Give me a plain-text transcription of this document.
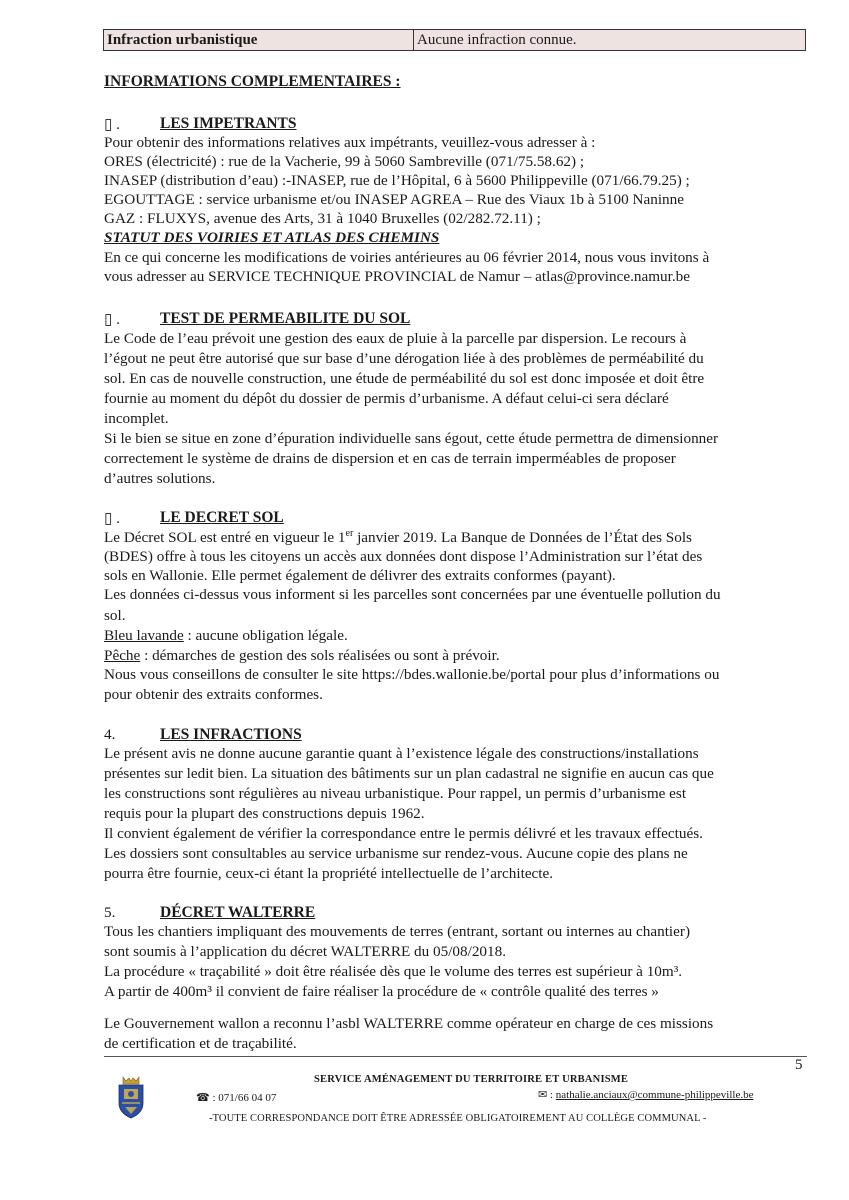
Infraction urbanistique	Aucune infraction connue.
INFORMATIONS COMPLEMENTAIRES :
▯ .	LES IMPETRANTS
Pour obtenir des informations relatives aux impétrants, veuillez-vous adresser à :
ORES (électricité) : rue de la Vacherie, 99 à 5060 Sambreville (071/75.58.62) ;
INASEP (distribution d’eau) :-INASEP, rue de l’Hôpital, 6 à 5600 Philippeville (071/66.79.25) ;
EGOUTTAGE : service urbanisme et/ou INASEP AGREA – Rue des Viaux 1b à 5100 Naninne
GAZ : FLUXYS, avenue des Arts, 31 à 1040 Bruxelles (02/282.72.11) ;
STATUT DES VOIRIES ET ATLAS DES CHEMINS
En ce qui concerne les modifications de voiries antérieures au 06 février 2014, nous vous invitons à
vous adresser au SERVICE TECHNIQUE PROVINCIAL de Namur – atlas@province.namur.be
▯ .	TEST DE PERMEABILITE DU SOL
Le Code de l’eau prévoit une gestion des eaux de pluie à la parcelle par dispersion. Le recours à
l’égout ne peut être autorisé que sur base d’une dérogation liée à des problèmes de perméabilité du
sol. En cas de nouvelle construction, une étude de perméabilité du sol est donc imposée et doit être
fournie au moment du dépôt du dossier de permis d’urbanisme. A défaut celui-ci sera déclaré
incomplet.
Si le bien se situe en zone d’épuration individuelle sans égout, cette étude permettra de dimensionner
correctement le système de drains de dispersion et en cas de terrain imperméables de proposer
d’autres solutions.
▯ .	LE DECRET SOL
Le Décret SOL est entré en vigueur le 1er janvier 2019. La Banque de Données de l’État des Sols
(BDES) offre à tous les citoyens un accès aux données dont dispose l’Administration sur l’état des
sols en Wallonie. Elle permet également de délivrer des extraits conformes (payant).
Les données ci-dessus vous informent si les parcelles sont concernées par une éventuelle pollution du
sol.
Bleu lavande : aucune obligation légale.
Pêche : démarches de gestion des sols réalisées ou sont à prévoir.
Nous vous conseillons de consulter le site https://bdes.wallonie.be/portal pour plus d’informations ou
pour obtenir des extraits conformes.
4.	LES INFRACTIONS
Le présent avis ne donne aucune garantie quant à l’existence légale des constructions/installations
présentes sur ledit bien. La situation des bâtiments sur un plan cadastral ne signifie en aucun cas que
les constructions sont régulières au niveau urbanistique. Pour rappel, un permis d’urbanisme est
requis pour la plupart des constructions depuis 1962.
Il convient également de vérifier la correspondance entre le permis délivré et les travaux effectués.
Les dossiers sont consultables au service urbanisme sur rendez-vous. Aucune copie des plans ne
pourra être fournie, ceux-ci étant la propriété intellectuelle de l’architecte.
5.	DÉCRET WALTERRE
Tous les chantiers impliquant des mouvements de terres (entrant, sortant ou internes au chantier)
sont soumis à l’application du décret WALTERRE du 05/08/2018.
La procédure « traçabilité » doit être réalisée dès que le volume des terres est supérieur à 10m³.
A partir de 400m³ il convient de faire réaliser la procédure de « contrôle qualité des terres »
Le Gouvernement wallon a reconnu l’asbl WALTERRE comme opérateur en charge de ces missions
de certification et de traçabilité.
5
SERVICE AMÉNAGEMENT DU TERRITOIRE ET URBANISME
☎ : 071/66 04 07	✉ : nathalie.anciaux@commune-philippeville.be
-TOUTE CORRESPONDANCE DOIT ÊTRE ADRESSÉE OBLIGATOIREMENT AU COLLÈGE COMMUNAL -
